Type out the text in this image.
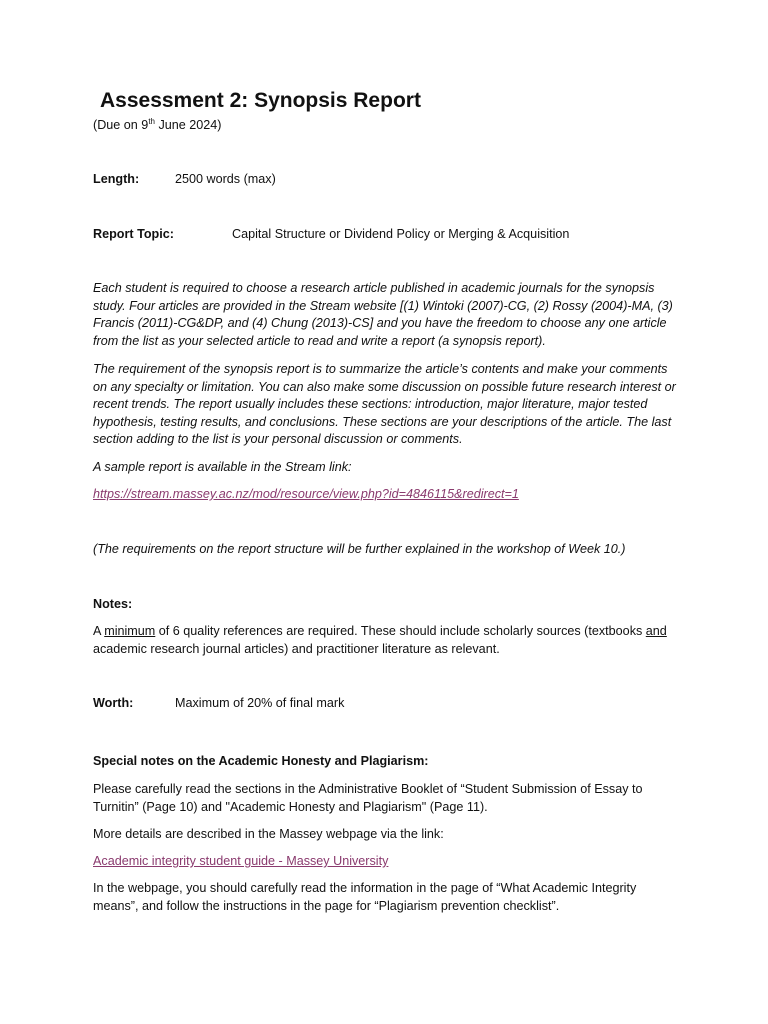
Assessment 2: Synopsis Report
(Due on 9th June 2024)
Length:	2500 words (max)
Report Topic:	Capital Structure or Dividend Policy or Merging & Acquisition
Each student is required to choose a research article published in academic journals for the synopsis study. Four articles are provided in the Stream website [(1) Wintoki (2007)-CG, (2) Rossy (2004)-MA, (3) Francis (2011)-CG&DP, and (4) Chung (2013)-CS] and you have the freedom to choose any one article from the list as your selected article to read and write a report (a synopsis report).
The requirement of the synopsis report is to summarize the article’s contents and make your comments on any specialty or limitation. You can also make some discussion on possible future research interest or recent trends. The report usually includes these sections: introduction, major literature, major tested hypothesis, testing results, and conclusions. These sections are your descriptions of the article. The last section adding to the list is your personal discussion or comments.
A sample report is available in the Stream link:
https://stream.massey.ac.nz/mod/resource/view.php?id=4846115&redirect=1
(The requirements on the report structure will be further explained in the workshop of Week 10.)
Notes:
A minimum of 6 quality references are required. These should include scholarly sources (textbooks and academic research journal articles) and practitioner literature as relevant.
Worth:	Maximum of 20% of final mark
Special notes on the Academic Honesty and Plagiarism:
Please carefully read the sections in the Administrative Booklet of “Student Submission of Essay to Turnitin” (Page 10) and "Academic Honesty and Plagiarism" (Page 11).
More details are described in the Massey webpage via the link:
Academic integrity student guide - Massey University
In the webpage, you should carefully read the information in the page of “What Academic Integrity means”, and follow the instructions in the page for “Plagiarism prevention checklist”.
